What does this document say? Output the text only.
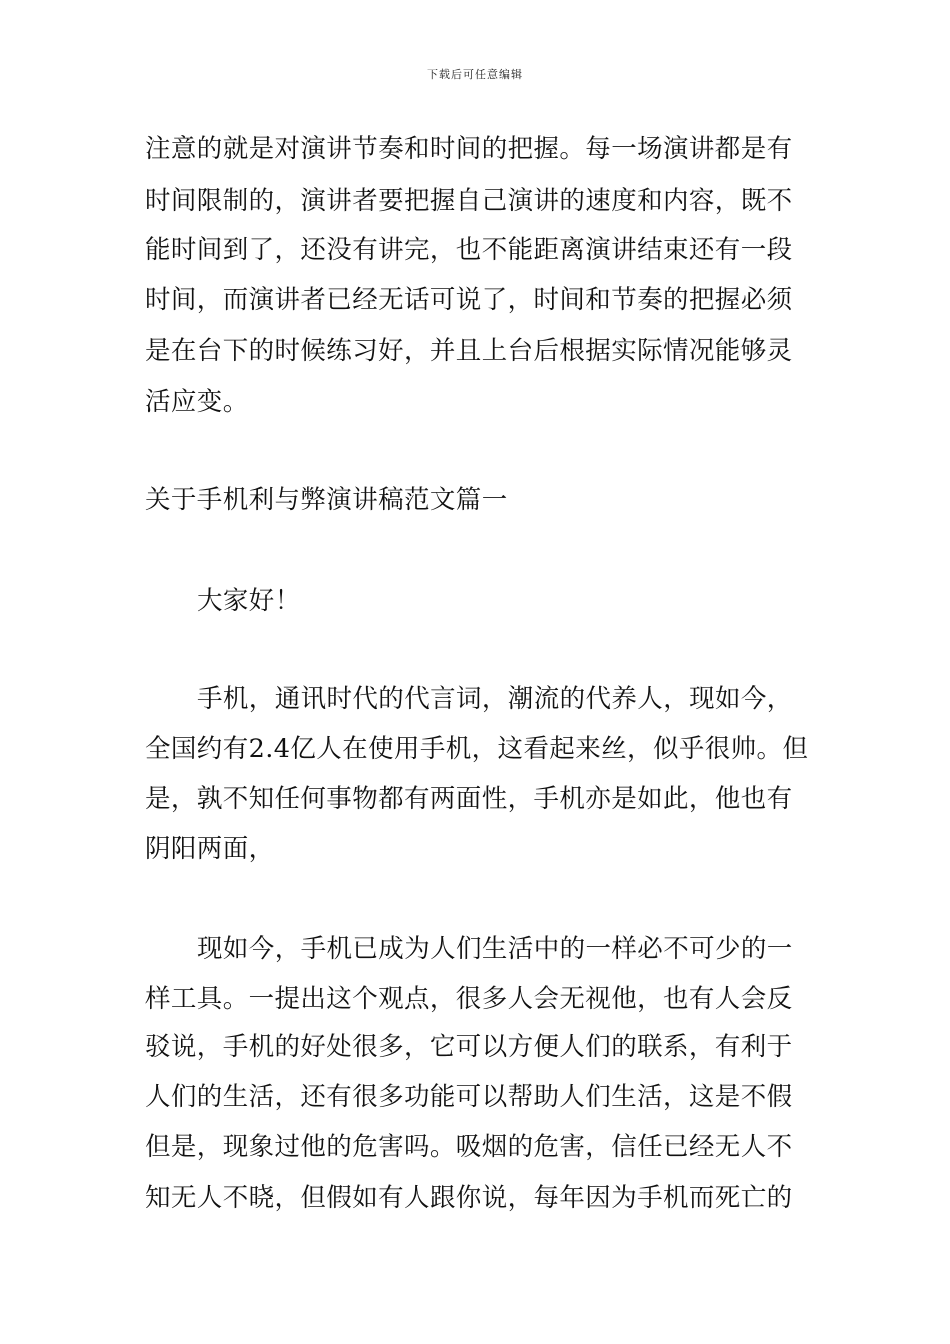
下载后可任意编辑
注意的就是对演讲节奏和时间的把握。每一场演讲都是有
时间限制的，演讲者要把握自己演讲的速度和内容，既不
能时间到了，还没有讲完，也不能距离演讲结束还有一段
时间，而演讲者已经无话可说了，时间和节奏的把握必须
是在台下的时候练习好，并且上台后根据实际情况能够灵
活应变。
关于手机利与弊演讲稿范文篇一
大家好！
手机，通讯时代的代言词，潮流的代养人，现如今，
全国约有2.4亿人在使用手机，这看起来丝，似乎很帅。但
是，孰不知任何事物都有两面性，手机亦是如此，他也有
阴阳两面，
现如今，手机已成为人们生活中的一样必不可少的一
样工具。一提出这个观点，很多人会无视他，也有人会反
驳说，手机的好处很多，它可以方便人们的联系，有利于
人们的生活，还有很多功能可以帮助人们生活，这是不假
但是，现象过他的危害吗。吸烟的危害，信任已经无人不
知无人不晓，但假如有人跟你说，每年因为手机而死亡的
